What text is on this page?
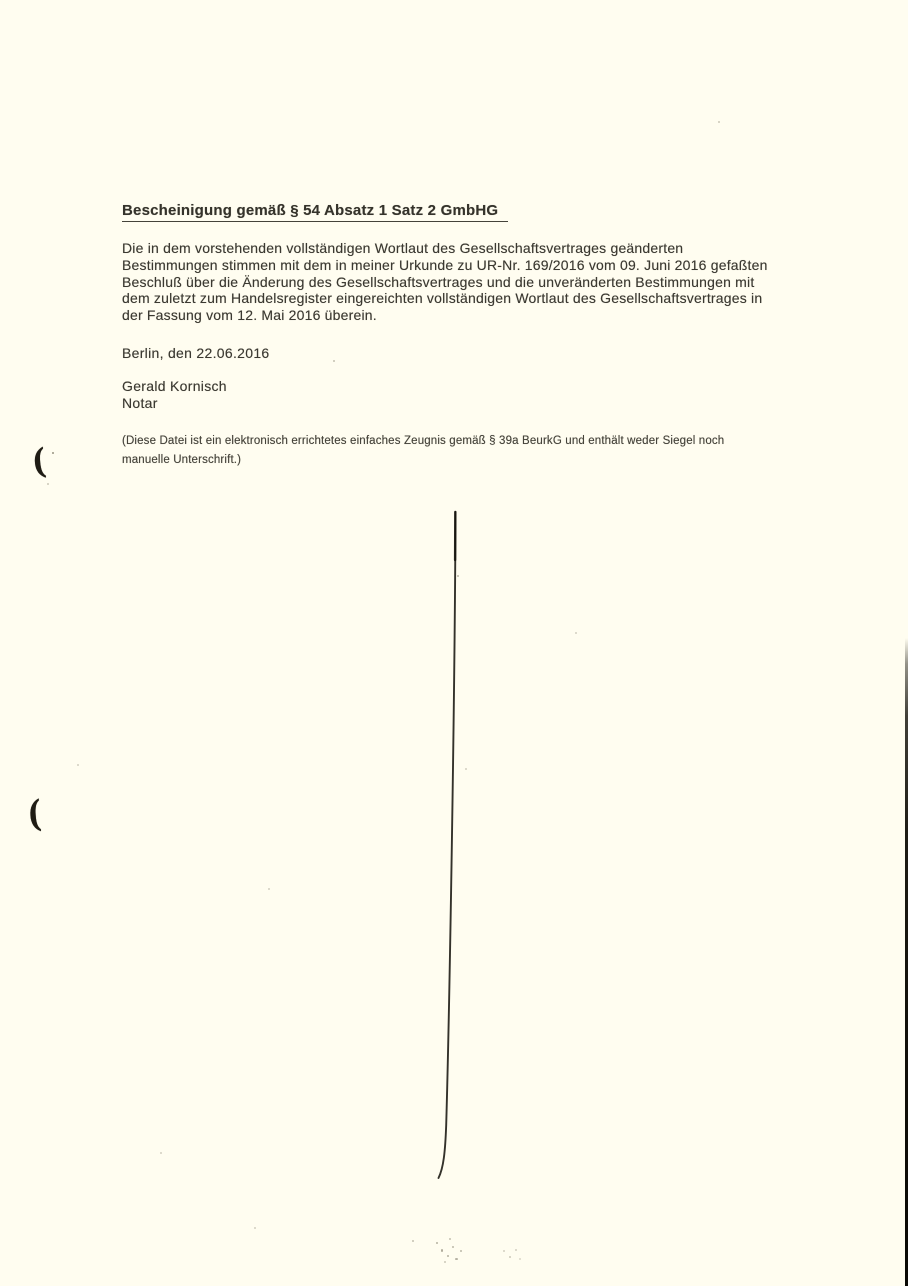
Bescheinigung gemäß § 54 Absatz 1 Satz 2 GmbHG
Die in dem vorstehenden vollständigen Wortlaut des Gesellschaftsvertrages geänderten
Bestimmungen stimmen mit dem in meiner Urkunde zu UR-Nr. 169/2016 vom 09. Juni 2016 gefaßten
Beschluß über die Änderung des Gesellschaftsvertrages und die unveränderten Bestimmungen mit
dem zuletzt zum Handelsregister eingereichten vollständigen Wortlaut des Gesellschaftsvertrages in
der Fassung vom 12. Mai 2016 überein.
Berlin, den 22.06.2016
Gerald Kornisch
Notar
(Diese Datei ist ein elektronisch errichtetes einfaches Zeugnis gemäß § 39a BeurkG und enthält weder Siegel noch
manuelle Unterschrift.)
(
(
